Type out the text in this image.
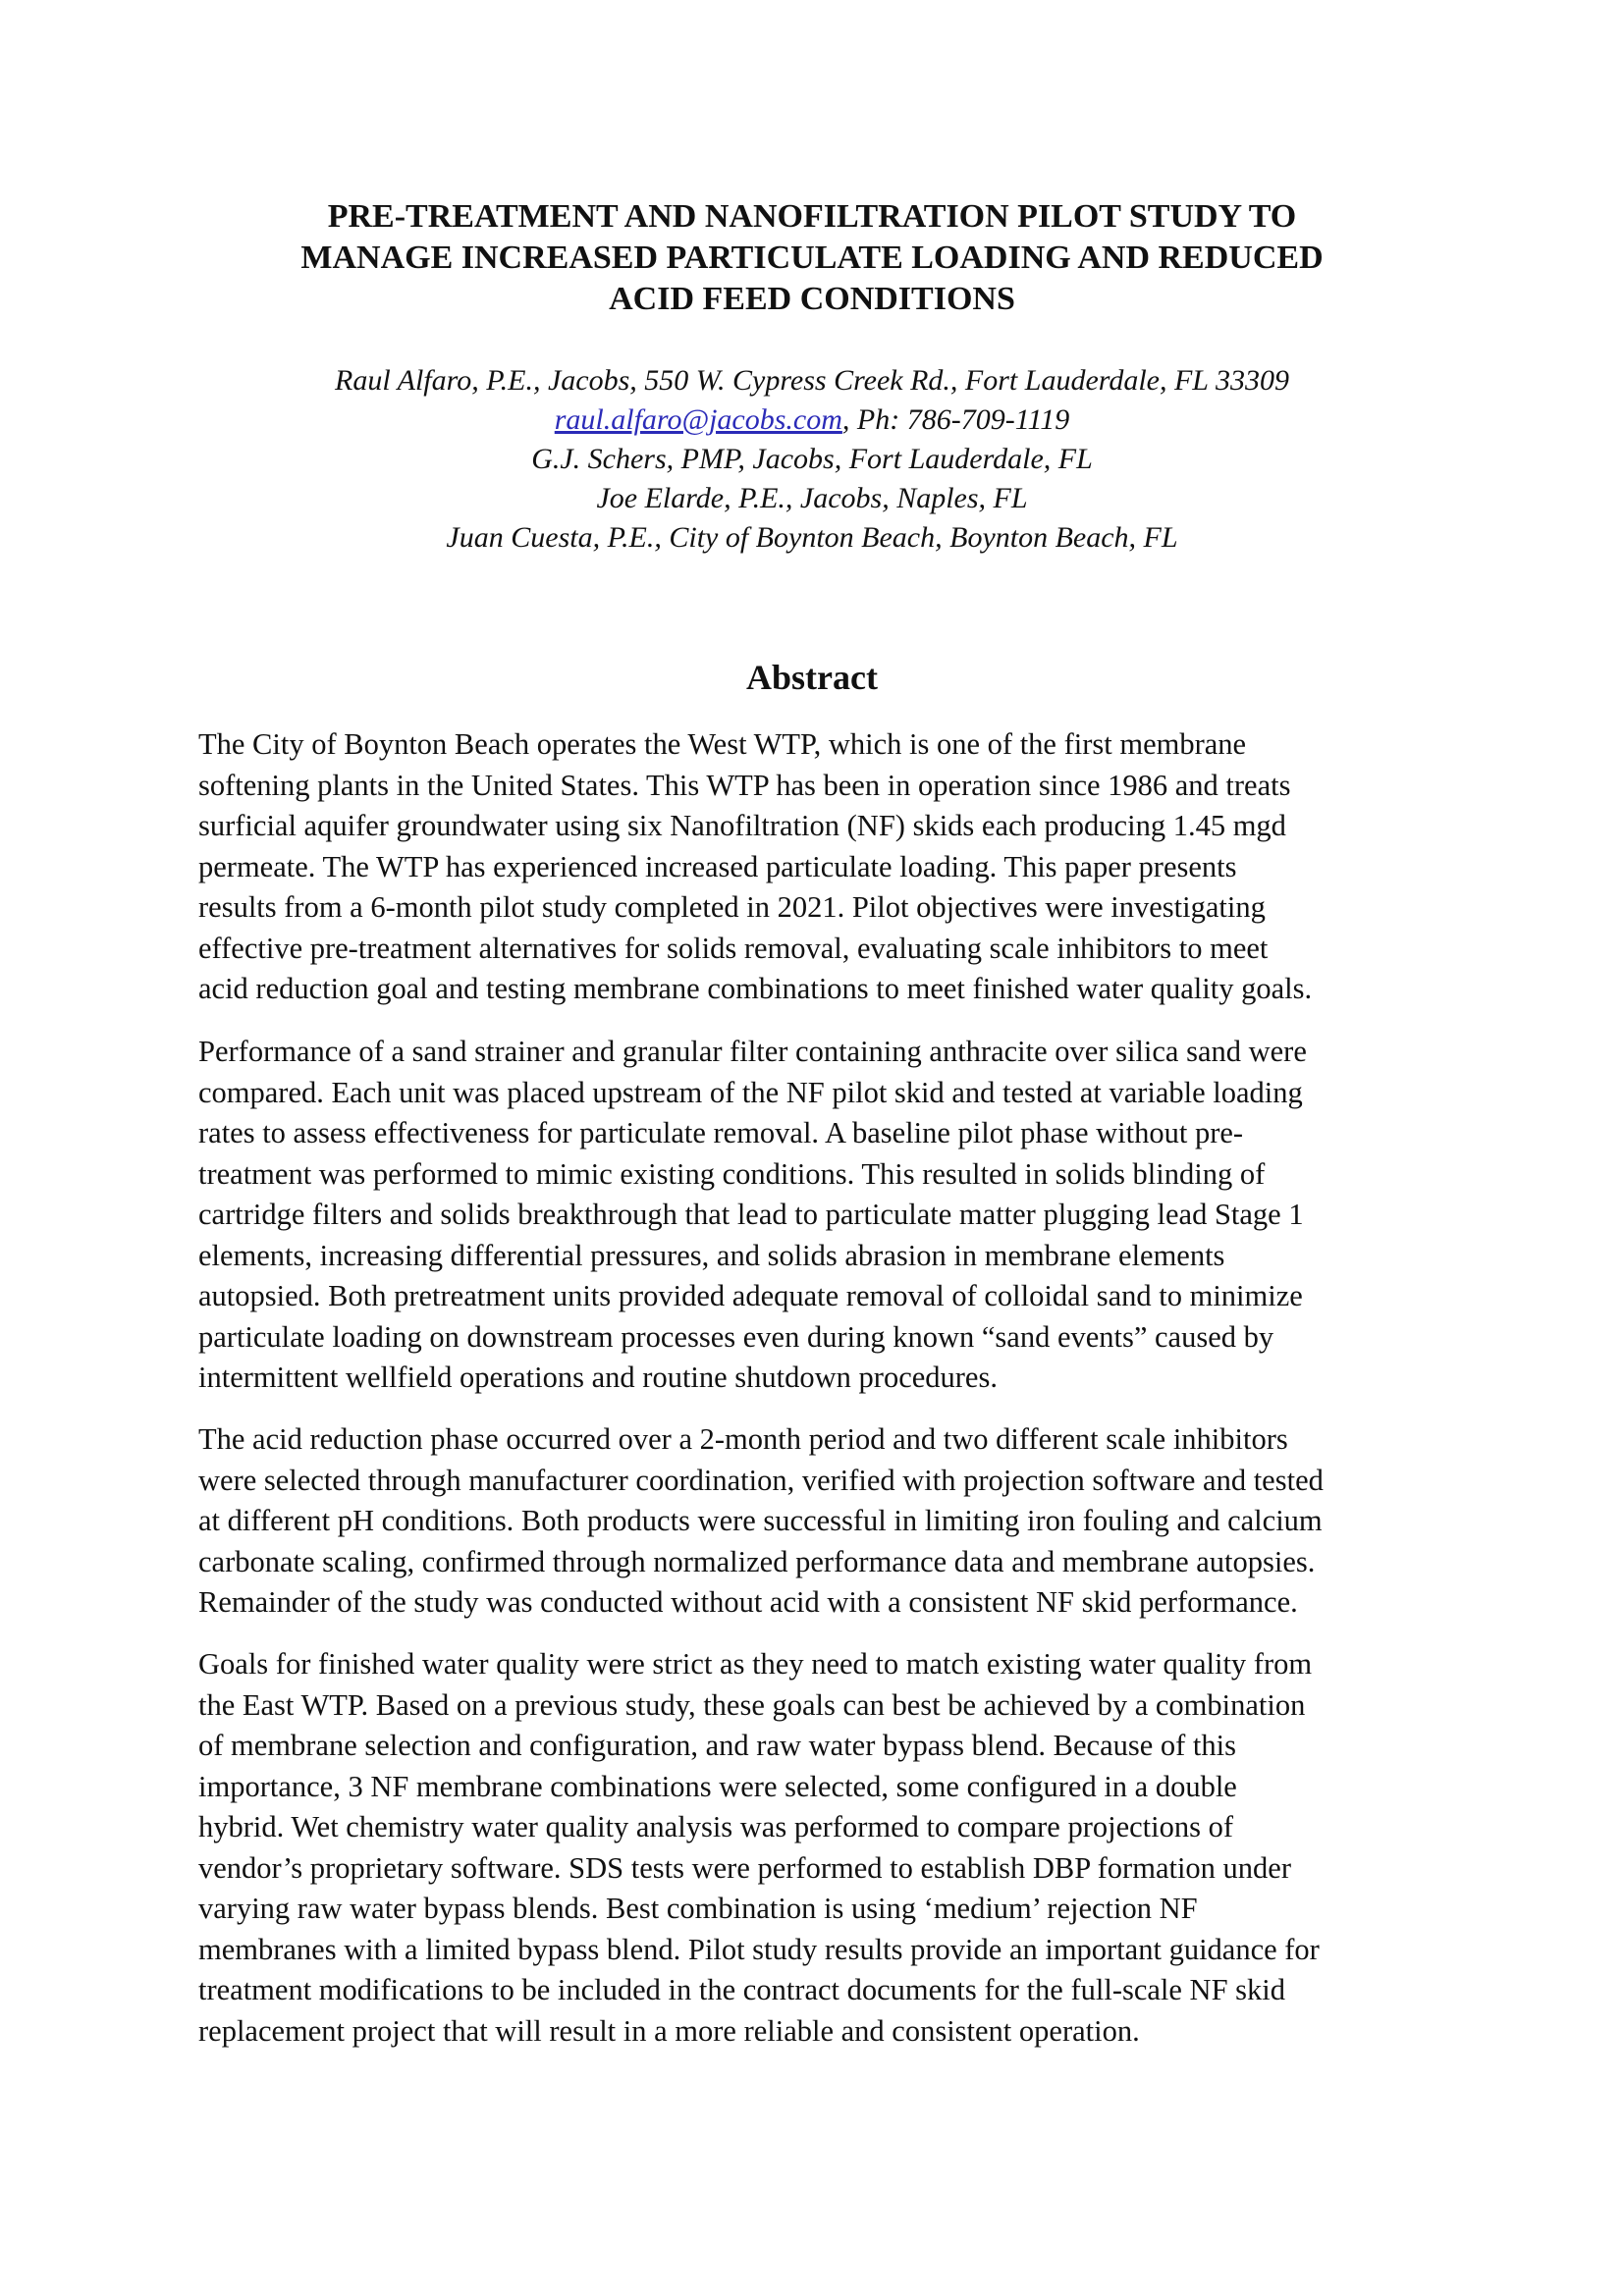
PRE-TREATMENT AND NANOFILTRATION PILOT STUDY TO
MANAGE INCREASED PARTICULATE LOADING AND REDUCED
ACID FEED CONDITIONS
Raul Alfaro, P.E., Jacobs, 550 W. Cypress Creek Rd., Fort Lauderdale, FL 33309
raul.alfaro@jacobs.com, Ph: 786-709-1119
G.J. Schers, PMP, Jacobs, Fort Lauderdale, FL
Joe Elarde, P.E., Jacobs, Naples, FL
Juan Cuesta, P.E., City of Boynton Beach, Boynton Beach, FL
Abstract
The City of Boynton Beach operates the West WTP, which is one of the first membrane
softening plants in the United States. This WTP has been in operation since 1986 and treats
surficial aquifer groundwater using six Nanofiltration (NF) skids each producing 1.45 mgd
permeate. The WTP has experienced increased particulate loading. This paper presents
results from a 6-month pilot study completed in 2021. Pilot objectives were investigating
effective pre-treatment alternatives for solids removal, evaluating scale inhibitors to meet
acid reduction goal and testing membrane combinations to meet finished water quality goals.
Performance of a sand strainer and granular filter containing anthracite over silica sand were
compared. Each unit was placed upstream of the NF pilot skid and tested at variable loading
rates to assess effectiveness for particulate removal. A baseline pilot phase without pre-
treatment was performed to mimic existing conditions. This resulted in solids blinding of
cartridge filters and solids breakthrough that lead to particulate matter plugging lead Stage 1
elements, increasing differential pressures, and solids abrasion in membrane elements
autopsied. Both pretreatment units provided adequate removal of colloidal sand to minimize
particulate loading on downstream processes even during known “sand events” caused by
intermittent wellfield operations and routine shutdown procedures.
The acid reduction phase occurred over a 2-month period and two different scale inhibitors
were selected through manufacturer coordination, verified with projection software and tested
at different pH conditions. Both products were successful in limiting iron fouling and calcium
carbonate scaling, confirmed through normalized performance data and membrane autopsies.
Remainder of the study was conducted without acid with a consistent NF skid performance.
Goals for finished water quality were strict as they need to match existing water quality from
the East WTP. Based on a previous study, these goals can best be achieved by a combination
of membrane selection and configuration, and raw water bypass blend. Because of this
importance, 3 NF membrane combinations were selected, some configured in a double
hybrid. Wet chemistry water quality analysis was performed to compare projections of
vendor’s proprietary software. SDS tests were performed to establish DBP formation under
varying raw water bypass blends. Best combination is using ‘medium’ rejection NF
membranes with a limited bypass blend. Pilot study results provide an important guidance for
treatment modifications to be included in the contract documents for the full-scale NF skid
replacement project that will result in a more reliable and consistent operation.
